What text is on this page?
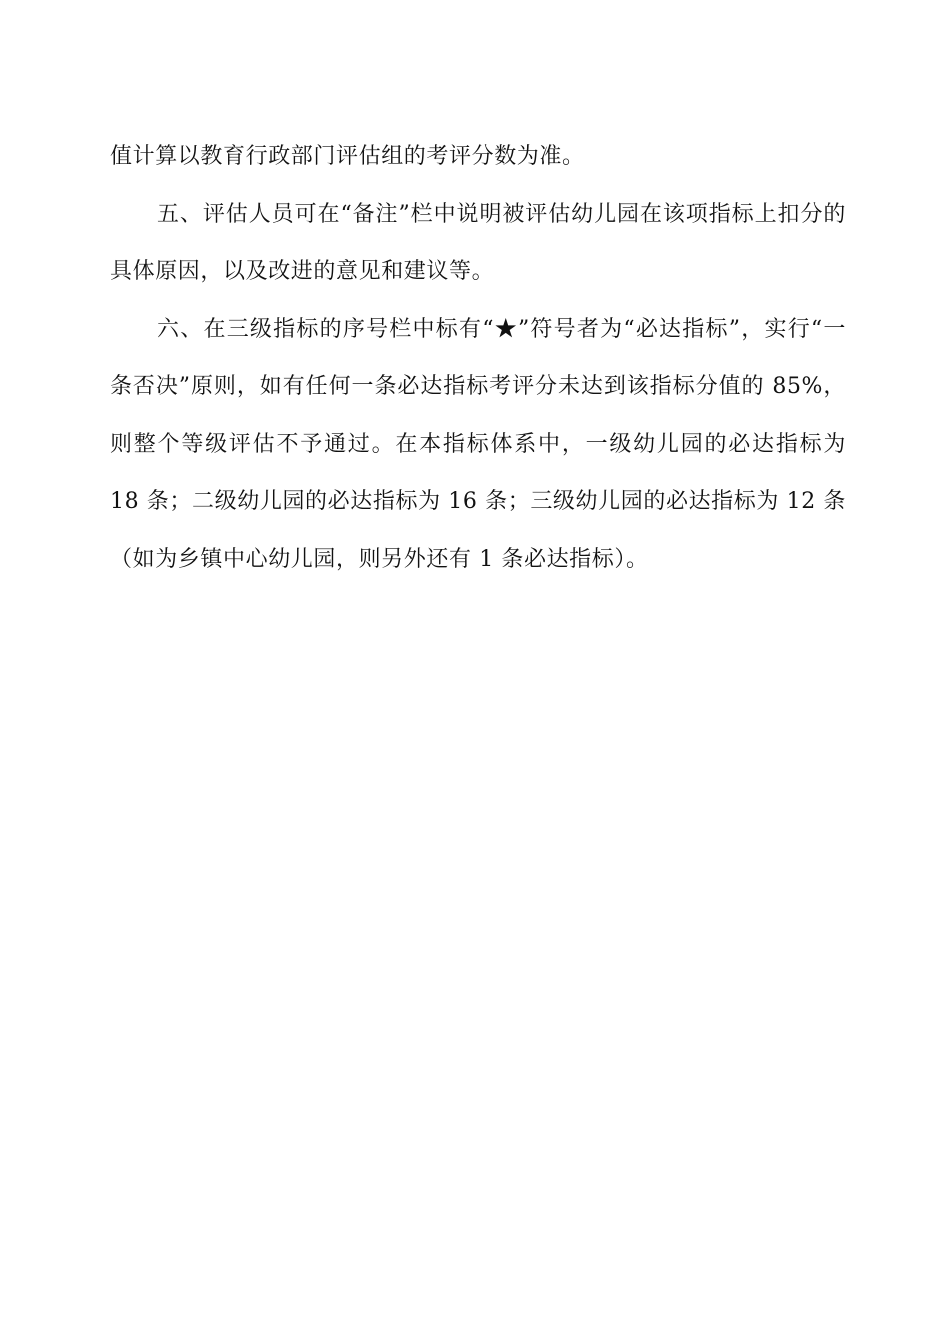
值计算以教育行政部门评估组的考评分数为准。

五、评估人员可在“备注”栏中说明被评估幼儿园在该项指标上扣分的具体原因，以及改进的意见和建议等。

六、在三级指标的序号栏中标有“★”符号者为“必达指标”，实行“一条否决”原则，如有任何一条必达指标考评分未达到该指标分值的 85%，则整个等级评估不予通过。在本指标体系中，一级幼儿园的必达指标为 18 条；二级幼儿园的必达指标为 16 条；三级幼儿园的必达指标为 12 条（如为乡镇中心幼儿园，则另外还有 1 条必达指标）。
